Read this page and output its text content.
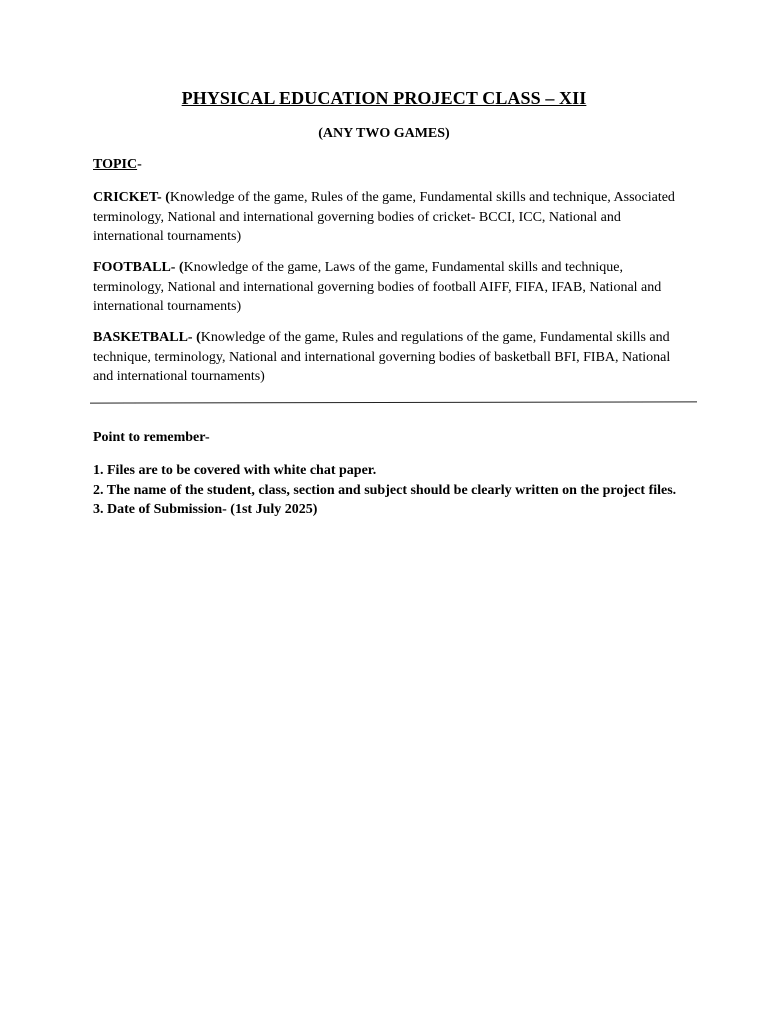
PHYSICAL EDUCATION PROJECT CLASS – XII
(ANY TWO GAMES)
TOPIC-
CRICKET- (Knowledge of the game, Rules of the game, Fundamental skills and technique, Associated terminology, National and international governing bodies of cricket- BCCI, ICC, National and international tournaments)
FOOTBALL- (Knowledge of the game, Laws of the game, Fundamental skills and technique, terminology, National and international governing bodies of football AIFF, FIFA, IFAB, National and international tournaments)
BASKETBALL- (Knowledge of the game, Rules and regulations of the game, Fundamental skills and technique, terminology, National and international governing bodies of basketball BFI, FIBA, National and international tournaments)
Point to remember-
1. Files are to be covered with white chat paper.
2. The name of the student, class, section and subject should be clearly written on the project files.
3. Date of Submission- (1st July 2025)
